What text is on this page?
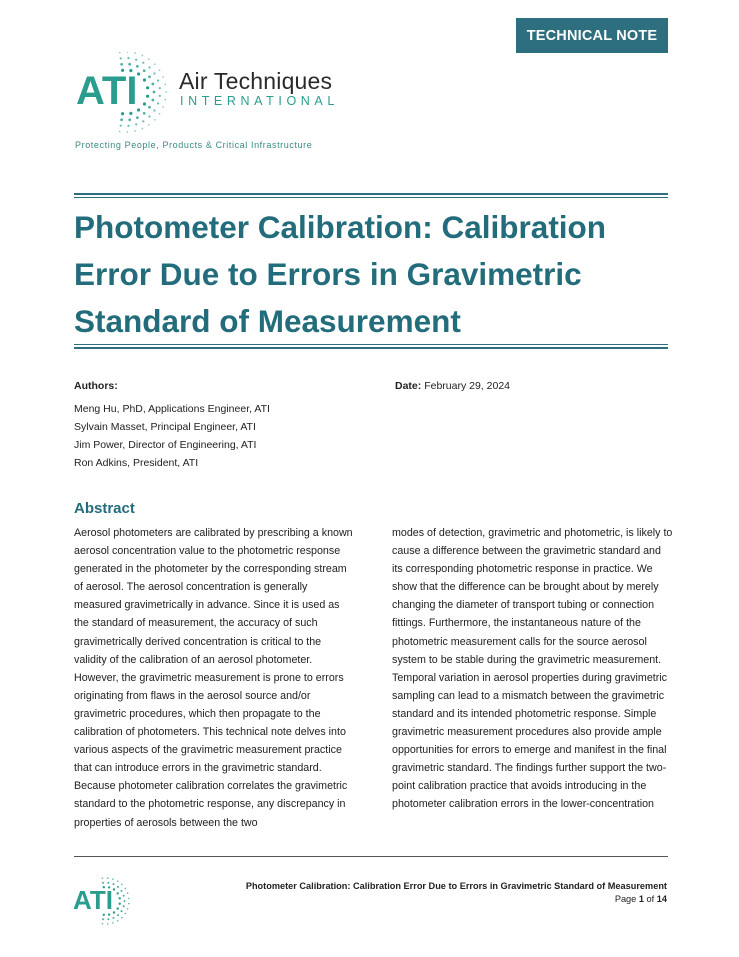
TECHNICAL NOTE
ATI Air Techniques
INTERNATIONAL
Protecting People, Products & Critical Infrastructure
Photometer Calibration: Calibration Error Due to Errors in Gravimetric Standard of Measurement
Authors:
Meng Hu, PhD, Applications Engineer, ATI
Sylvain Masset, Principal Engineer, ATI
Jim Power, Director of Engineering, ATI
Ron Adkins, President, ATI
Date: February 29, 2024
Abstract

Aerosol photometers are calibrated by prescribing a known aerosol concentration value to the photometric response generated in the photometer by the corresponding stream of aerosol. The aerosol concentration is generally measured gravimetrically in advance. Since it is used as the standard of measurement, the accuracy of such gravimetrically derived concentration is critical to the validity of the calibration of an aerosol photometer. However, the gravimetric measurement is prone to errors originating from flaws in the aerosol source and/or gravimetric procedures, which then propagate to the calibration of photometers. This technical note delves into various aspects of the gravimetric measurement practice that can introduce errors in the gravimetric standard. Because photometer calibration correlates the gravimetric standard to the photometric response, any discrepancy in properties of aerosols between the two

modes of detection, gravimetric and photometric, is likely to cause a difference between the gravimetric standard and its corresponding photometric response in practice. We show that the difference can be brought about by merely changing the diameter of transport tubing or connection fittings. Furthermore, the instantaneous nature of the photometric measurement calls for the source aerosol system to be stable during the gravimetric measurement. Temporal variation in aerosol properties during gravimetric sampling can lead to a mismatch between the gravimetric standard and its intended photometric response. Simple gravimetric measurement procedures also provide ample opportunities for errors to emerge and manifest in the final gravimetric standard. The findings further support the two-point calibration practice that avoids introducing in the photometer calibration errors in the lower-concentration

ATI	Photometer Calibration: Calibration Error Due to Errors in Gravimetric Standard of Measurement
Page 1 of 14
